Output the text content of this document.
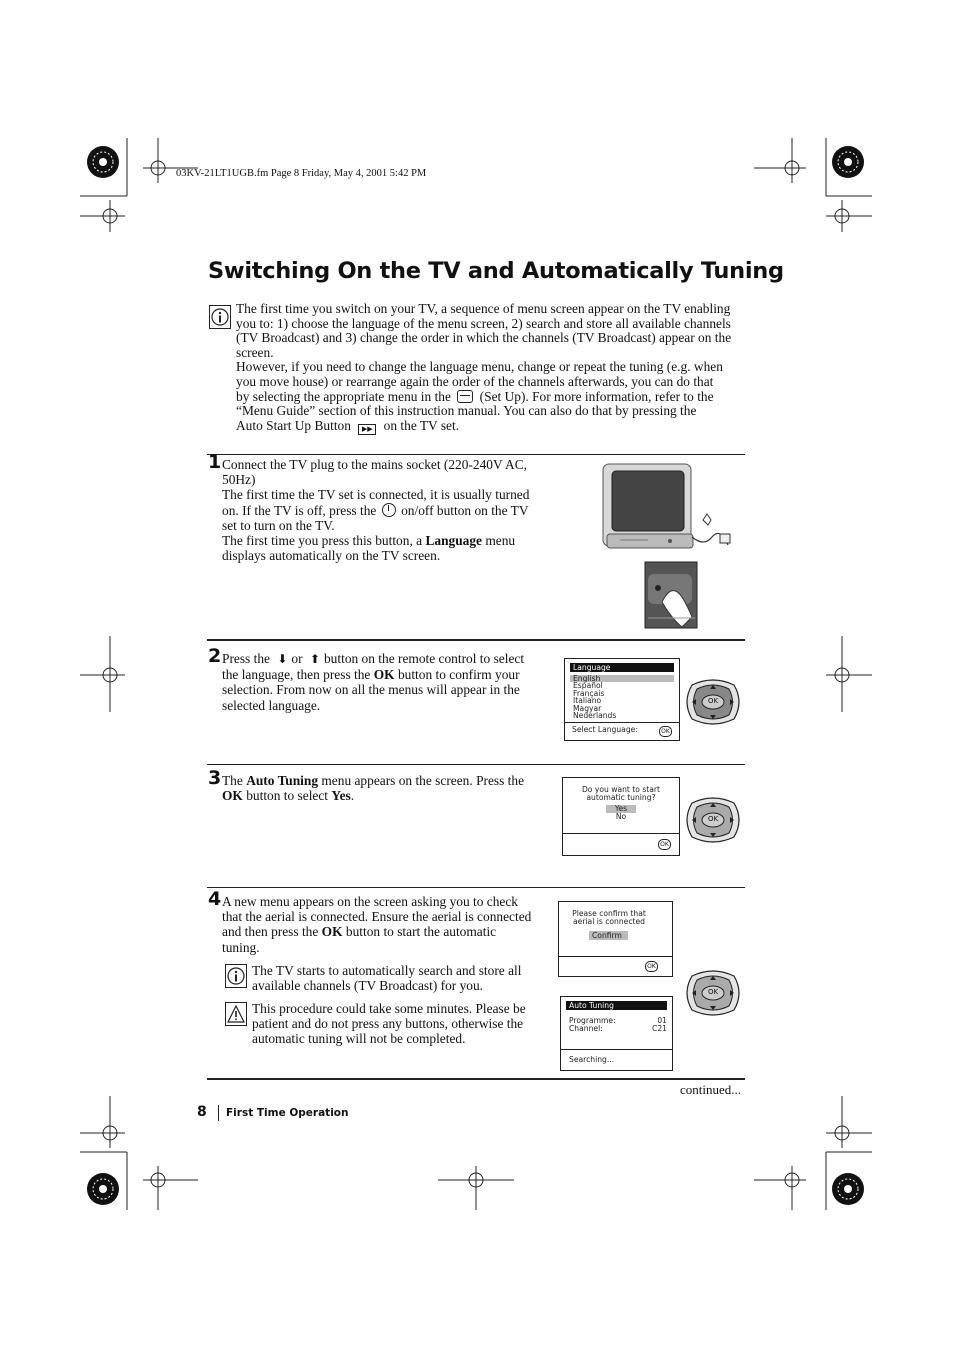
03KV-21LT1UGB.fm Page 8 Friday, May 4, 2001 5:42 PM
Switching On the TV and Automatically Tuning
The first time you switch on your TV, a sequence of menu screen appear on the TV enabling
you to: 1) choose the language of the menu screen, 2) search and store all available channels
(TV Broadcast) and 3) change the order in which the channels (TV Broadcast) appear on the
screen.
However, if you need to change the language menu, change or repeat the tuning (e.g. when
you move house) or rearrange again the order of the channels afterwards, you can do that
by selecting the appropriate menu in the (Set Up). For more information, refer to the
“Menu Guide” section of this instruction manual. You can also do that by pressing the
Auto Start Up Button ▶▶ on the TV set.
1 Connect the TV plug to the mains socket (220-240V AC,
50Hz)
The first time the TV set is connected, it is usually turned
on. If the TV is off, press the on/off button on the TV
set to turn on the TV.
The first time you press this button, a Language menu
displays automatically on the TV screen.
2 Press the ⬇ or ⬆ button on the remote control to select
the language, then press the OK button to confirm your
selection. From now on all the menus will appear in the
selected language.
Language
English
Español
Français
Italiano
Magyar
Nederlands
Select Language:	OK
OK
3 The Auto Tuning menu appears on the screen. Press the
OK button to select Yes.	Do you want to start
automatic tuning?
Yes
No
OK
OK
4 A new menu appears on the screen asking you to check
that the aerial is connected. Ensure the aerial is connected
and then press the OK button to start the automatic
tuning.
The TV starts to automatically search and store all
available channels (TV Broadcast) for you.
This procedure could take some minutes. Please be
patient and do not press any buttons, otherwise the
automatic tuning will not be completed.
Please confirm that
aerial is connected
Confirm
OK
OK
Auto Tuning
Programme:	01
Channel:	C21
Searching...
continued...
8 First Time Operation
